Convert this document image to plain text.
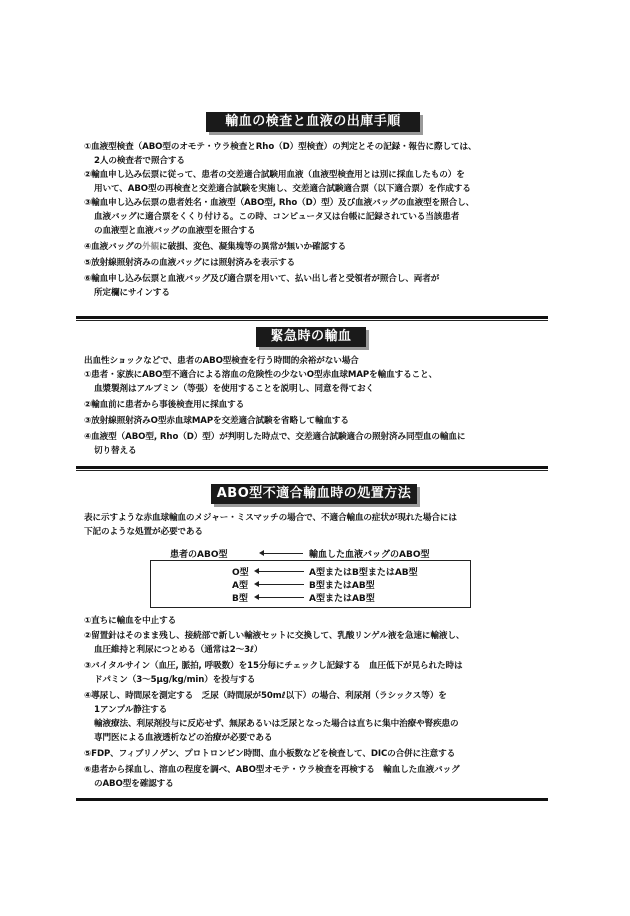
輸血の検査と血液の出庫手順
①血液型検査（ABO型のオモテ・ウラ検査とRho（D）型検査）の判定とその記録・報告に際しては、
2人の検査者で照合する
②輸血申し込み伝票に従って、患者の交差適合試験用血液（血液型検査用とは別に採血したもの）を
用いて、ABO型の再検査と交差適合試験を実施し、交差適合試験適合票（以下適合票）を作成する
③輸血申し込み伝票の患者姓名・血液型（ABO型, Rho（D）型）及び血液バッグの血液型を照合し、
血液バッグに適合票をくくり付ける。この時、コンピュータ又は台帳に記録されている当該患者
の血液型と血液バッグの血液型を照合する
④血液バッグの外観に破損、変色、凝集塊等の異常が無いか確認する
⑤放射線照射済みの血液バッグには照射済みを表示する
⑥輸血申し込み伝票と血液バッグ及び適合票を用いて、払い出し者と受領者が照合し、両者が
所定欄にサインする
緊急時の輸血
出血性ショックなどで、患者のABO型検査を行う時間的余裕がない場合
①患者・家族にABO型不適合による溶血の危険性の少ないO型赤血球MAPを輸血すること、
血漿製剤はアルブミン（等張）を使用することを説明し、同意を得ておく
②輸血前に患者から事後検査用に採血する
③放射線照射済みO型赤血球MAPを交差適合試験を省略して輸血する
④血液型（ABO型, Rho（D）型）が判明した時点で、交差適合試験適合の照射済み同型血の輸血に
切り替える
ABO型不適合輸血時の処置方法
表に示すような赤血球輸血のメジャー・ミスマッチの場合で、不適合輸血の症状が現れた場合には
下記のような処置が必要である
患者のABO型	輸血した血液バッグのABO型
O型	A型またはB型またはAB型
A型	B型またはAB型
B型	A型またはAB型
①直ちに輸血を中止する
②留置針はそのまま残し、接続部で新しい輸液セットに交換して、乳酸リンゲル液を急速に輸液し、
血圧維持と利尿につとめる（通常は2～3ℓ）
③バイタルサイン（血圧, 脈拍, 呼吸数）を15分毎にチェックし記録する　血圧低下が見られた時は
ドパミン（3～5μg/kg/min）を投与する
④導尿し、時間尿を測定する　乏尿（時間尿が50mℓ以下）の場合、利尿剤（ラシックス等）を
1アンプル静注する
輸液療法、利尿剤投与に反応せず、無尿あるいは乏尿となった場合は直ちに集中治療や腎疾患の
専門医による血液透析などの治療が必要である
⑤FDP、フィブリノゲン、プロトロンビン時間、血小板数などを検査して、DICの合併に注意する
⑥患者から採血し、溶血の程度を調べ、ABO型オモテ・ウラ検査を再検する　輸血した血液バッグ
のABO型を確認する
